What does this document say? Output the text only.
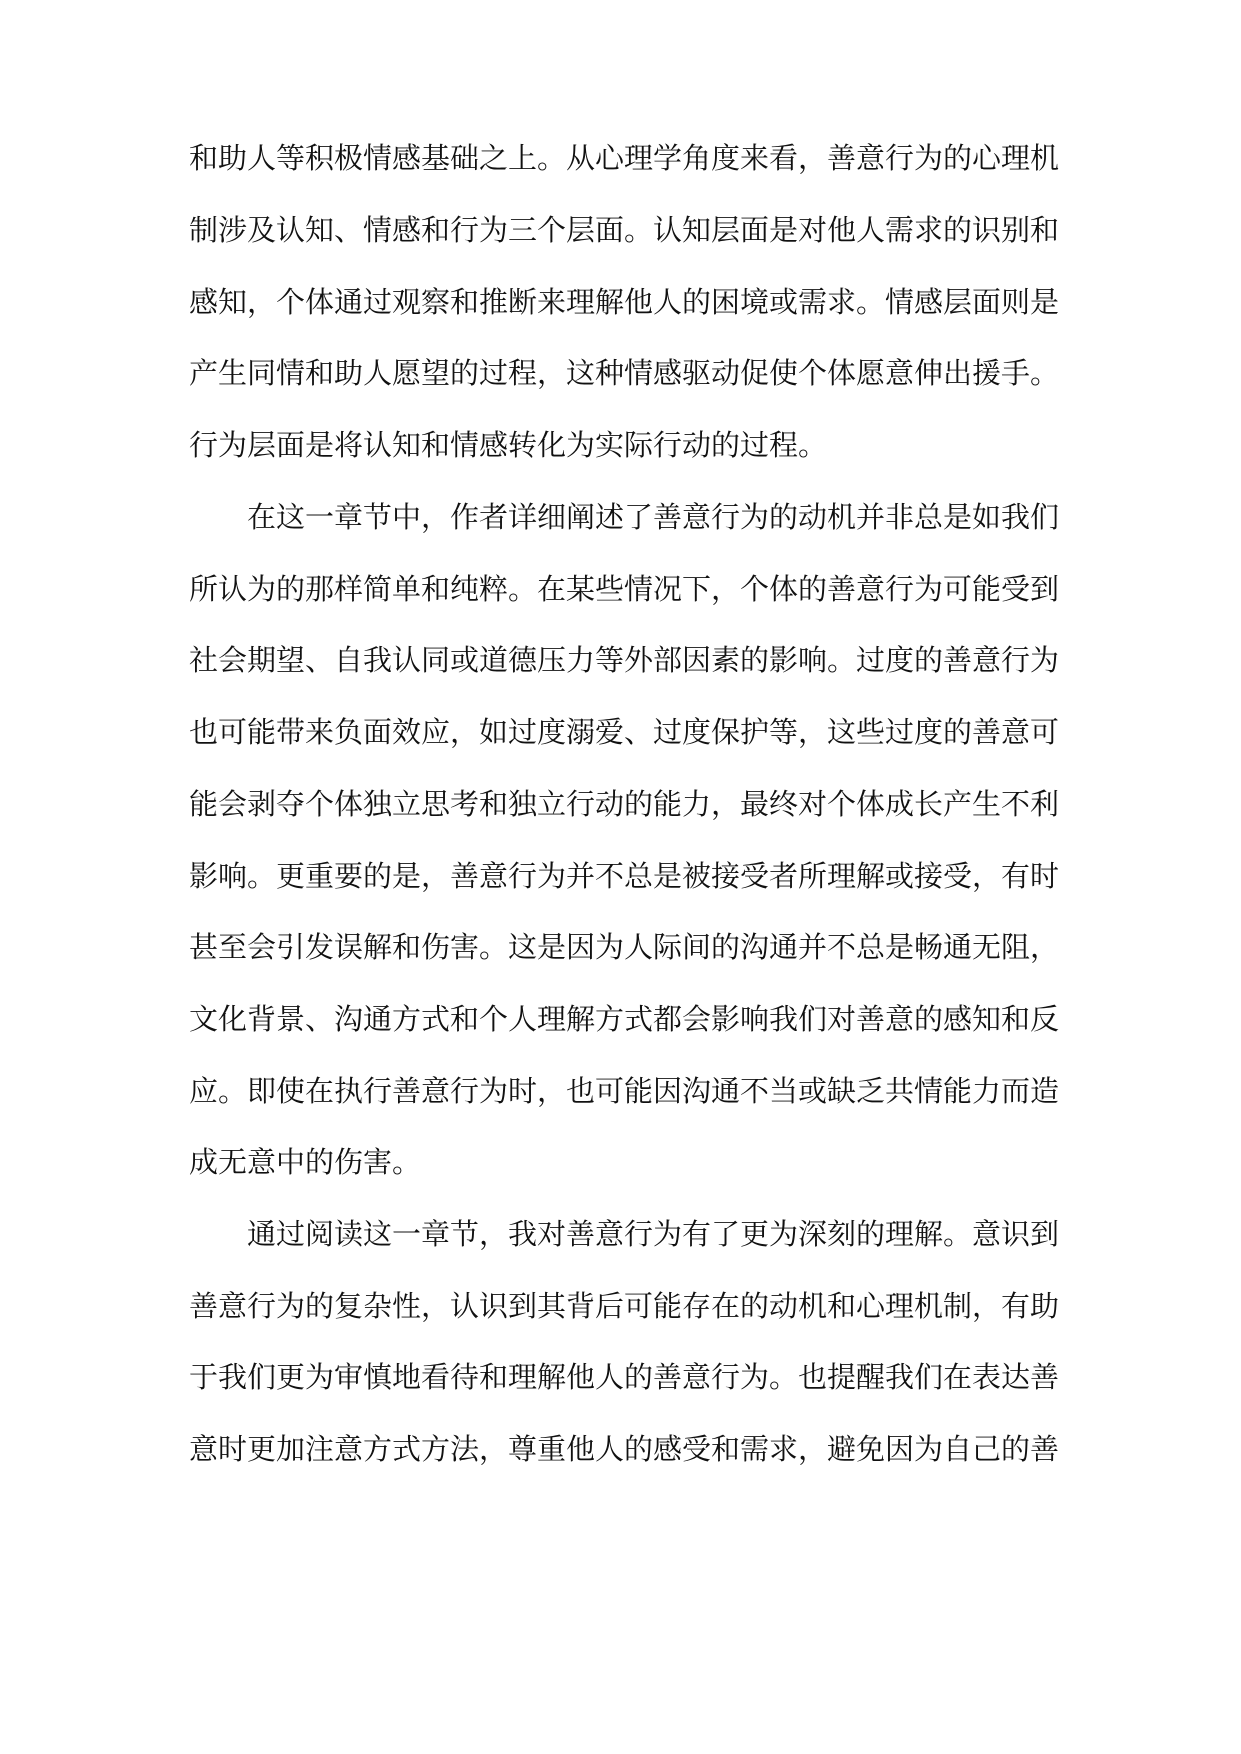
和助人等积极情感基础之上。从心理学角度来看，善意行为的心理机
制涉及认知、情感和行为三个层面。认知层面是对他人需求的识别和
感知，个体通过观察和推断来理解他人的困境或需求。情感层面则是
产生同情和助人愿望的过程，这种情感驱动促使个体愿意伸出援手。
行为层面是将认知和情感转化为实际行动的过程。
在这一章节中，作者详细阐述了善意行为的动机并非总是如我们
所认为的那样简单和纯粹。在某些情况下，个体的善意行为可能受到
社会期望、自我认同或道德压力等外部因素的影响。过度的善意行为
也可能带来负面效应，如过度溺爱、过度保护等，这些过度的善意可
能会剥夺个体独立思考和独立行动的能力，最终对个体成长产生不利
影响。更重要的是，善意行为并不总是被接受者所理解或接受，有时
甚至会引发误解和伤害。这是因为人际间的沟通并不总是畅通无阻，
文化背景、沟通方式和个人理解方式都会影响我们对善意的感知和反
应。即使在执行善意行为时，也可能因沟通不当或缺乏共情能力而造
成无意中的伤害。
通过阅读这一章节，我对善意行为有了更为深刻的理解。意识到
善意行为的复杂性，认识到其背后可能存在的动机和心理机制，有助
于我们更为审慎地看待和理解他人的善意行为。也提醒我们在表达善
意时更加注意方式方法，尊重他人的感受和需求，避免因为自己的善
